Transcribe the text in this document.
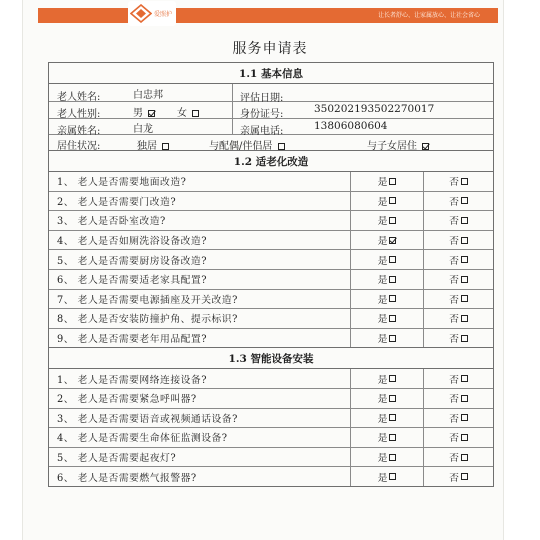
让长者舒心、让家属放心、让社会省心
爱照护
服务申请表
1.1 基本信息
老人姓名:	白忠邦	评估日期:
老人性别:	男	女	身份证号:	350202193502270017
亲属姓名:	白龙	亲属电话:	13806080604
居住状况:	独居	与配偶/伴侣居	与子女居住
1.2 适老化改造
1、 老人是否需要地面改造?	是	否
2、 老人是否需要门改造?	是	否
3、 老人是否卧室改造?	是	否
4、 老人是否如厕洗浴设备改造?	是	否
5、 老人是否需要厨房设备改造?	是	否
6、 老人是否需要适老家具配置?	是	否
7、 老人是否需要电源插座及开关改造?	是	否
8、 老人是否安装防撞护角、提示标识?	是	否
9、 老人是否需要老年用品配置?	是	否
1.3 智能设备安装
1、 老人是否需要网络连接设备?	是	否
2、 老人是否需要紧急呼叫器?	是	否
3、 老人是否需要语音或视频通话设备?	是	否
4、 老人是否需要生命体征监测设备?	是	否
5、 老人是否需要起夜灯?	是	否
6、 老人是否需要燃气报警器?	是	否
